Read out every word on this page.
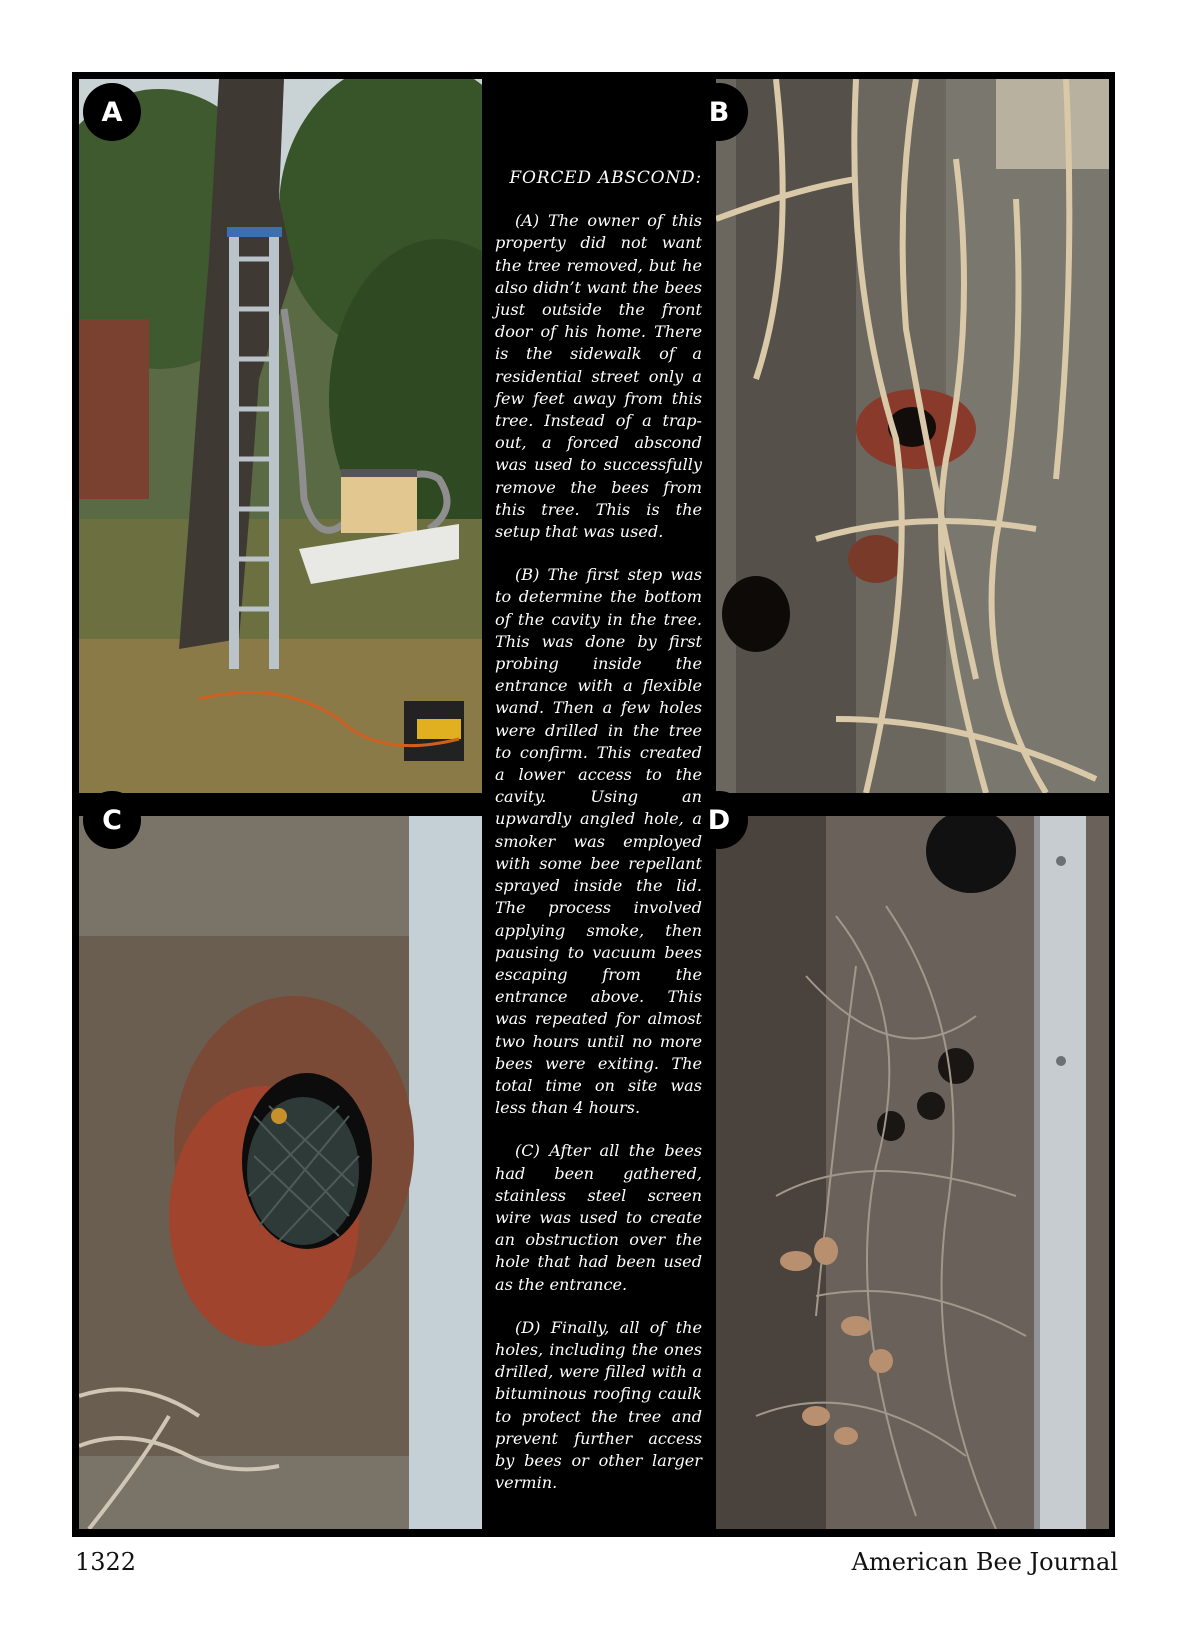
A	B
C	D
FORCED ABSCOND:

(A) The owner of this property did not want the tree removed, but he also didn’t want the bees just outside the front door of his home. There is the sidewalk of a residential street only a few feet away from this tree. Instead of a trap-out, a forced abscond was used to successfully remove the bees from this tree. This is the setup that was used.

(B) The first step was to determine the bottom of the cavity in the tree. This was done by first probing inside the entrance with a flexible wand. Then a few holes were drilled in the tree to confirm. This created a lower access to the cavity. Using an upwardly angled hole, a smoker was employed with some bee repellant sprayed inside the lid. The process involved applying smoke, then pausing to vacuum bees escaping from the entrance above. This was repeated for almost two hours until no more bees were exiting. The total time on site was less than 4 hours.

(C) After all the bees had been gathered, stainless steel screen wire was used to create an obstruction over the hole that had been used as the entrance.

(D) Finally, all of the holes, including the ones drilled, were filled with a bituminous roofing caulk to protect the tree and prevent further access by bees or other larger vermin.

1322	American Bee Journal
